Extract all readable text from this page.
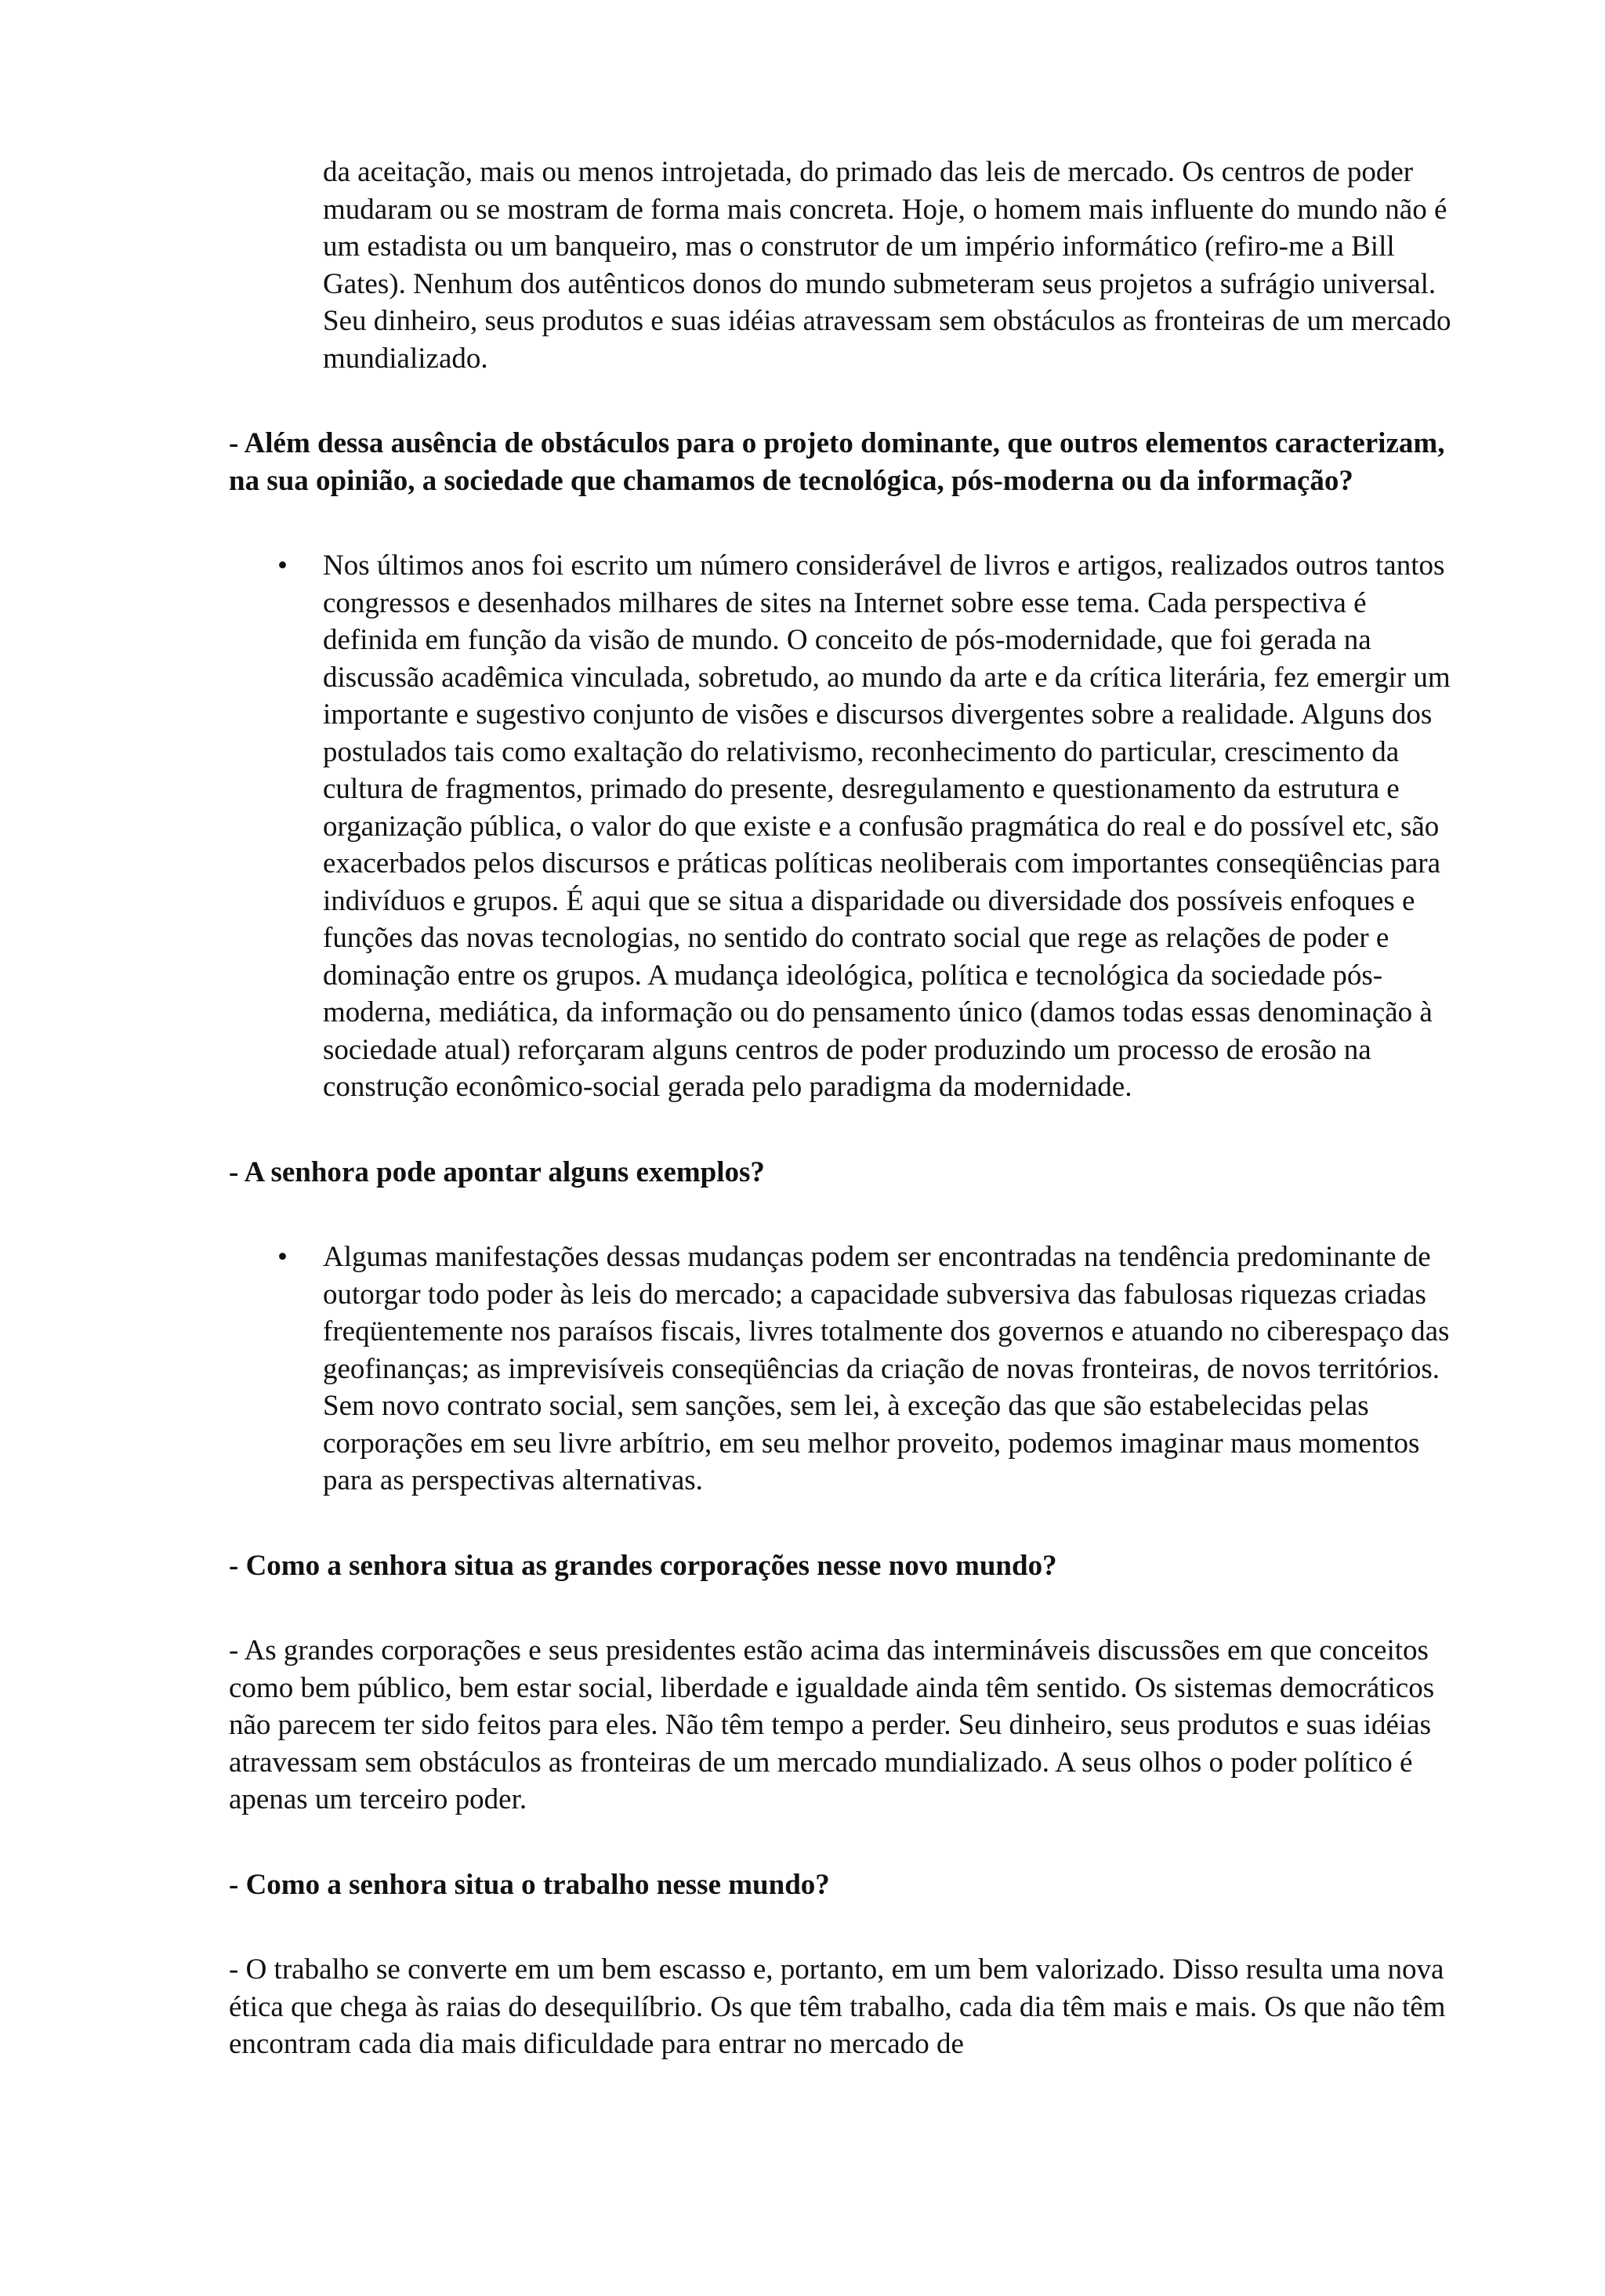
da aceitação, mais ou menos introjetada, do primado das leis de mercado. Os centros de poder mudaram ou se mostram de forma mais concreta. Hoje, o homem mais influente do mundo não é um estadista ou um banqueiro, mas o construtor de um império informático (refiro-me a Bill Gates). Nenhum dos autênticos donos do mundo submeteram seus projetos a sufrágio universal. Seu dinheiro, seus produtos e suas idéias atravessam sem obstáculos as fronteiras de um mercado mundializado.

- Além dessa ausência de obstáculos para o projeto dominante, que outros elementos caracterizam, na sua opinião, a sociedade que chamamos de tecnológica, pós-moderna ou da informação?

• Nos últimos anos foi escrito um número considerável de livros e artigos, realizados outros tantos congressos e desenhados milhares de sites na Internet sobre esse tema. Cada perspectiva é definida em função da visão de mundo. O conceito de pós-modernidade, que foi gerada na discussão acadêmica vinculada, sobretudo, ao mundo da arte e da crítica literária, fez emergir um importante e sugestivo conjunto de visões e discursos divergentes sobre a realidade. Alguns dos postulados tais como exaltação do relativismo, reconhecimento do particular, crescimento da cultura de fragmentos, primado do presente, desregulamento e questionamento da estrutura e organização pública, o valor do que existe e a confusão pragmática do real e do possível etc, são exacerbados pelos discursos e práticas políticas neoliberais com importantes conseqüências para indivíduos e grupos. É aqui que se situa a disparidade ou diversidade dos possíveis enfoques e funções das novas tecnologias, no sentido do contrato social que rege as relações de poder e dominação entre os grupos. A mudança ideológica, política e tecnológica da sociedade pós-moderna, mediática, da informação ou do pensamento único (damos todas essas denominação à sociedade atual) reforçaram alguns centros de poder produzindo um processo de erosão na construção econômico-social gerada pelo paradigma da modernidade.

- A senhora pode apontar alguns exemplos?

• Algumas manifestações dessas mudanças podem ser encontradas na tendência predominante de outorgar todo poder às leis do mercado; a capacidade subversiva das fabulosas riquezas criadas freqüentemente nos paraísos fiscais, livres totalmente dos governos e atuando no ciberespaço das geofinanças; as imprevisíveis conseqüências da criação de novas fronteiras, de novos territórios. Sem novo contrato social, sem sanções, sem lei, à exceção das que são estabelecidas pelas corporações em seu livre arbítrio, em seu melhor proveito, podemos imaginar maus momentos para as perspectivas alternativas.

- Como a senhora situa as grandes corporações nesse novo mundo?

- As grandes corporações e seus presidentes estão acima das intermináveis discussões em que conceitos como bem público, bem estar social, liberdade e igualdade ainda têm sentido. Os sistemas democráticos não parecem ter sido feitos para eles. Não têm tempo a perder. Seu dinheiro, seus produtos e suas idéias atravessam sem obstáculos as fronteiras de um mercado mundializado. A seus olhos o poder político é apenas um terceiro poder.

- Como a senhora situa o trabalho nesse mundo?

- O trabalho se converte em um bem escasso e, portanto, em um bem valorizado. Disso resulta uma nova ética que chega às raias do desequilíbrio. Os que têm trabalho, cada dia têm mais e mais. Os que não têm encontram cada dia mais dificuldade para entrar no mercado de
